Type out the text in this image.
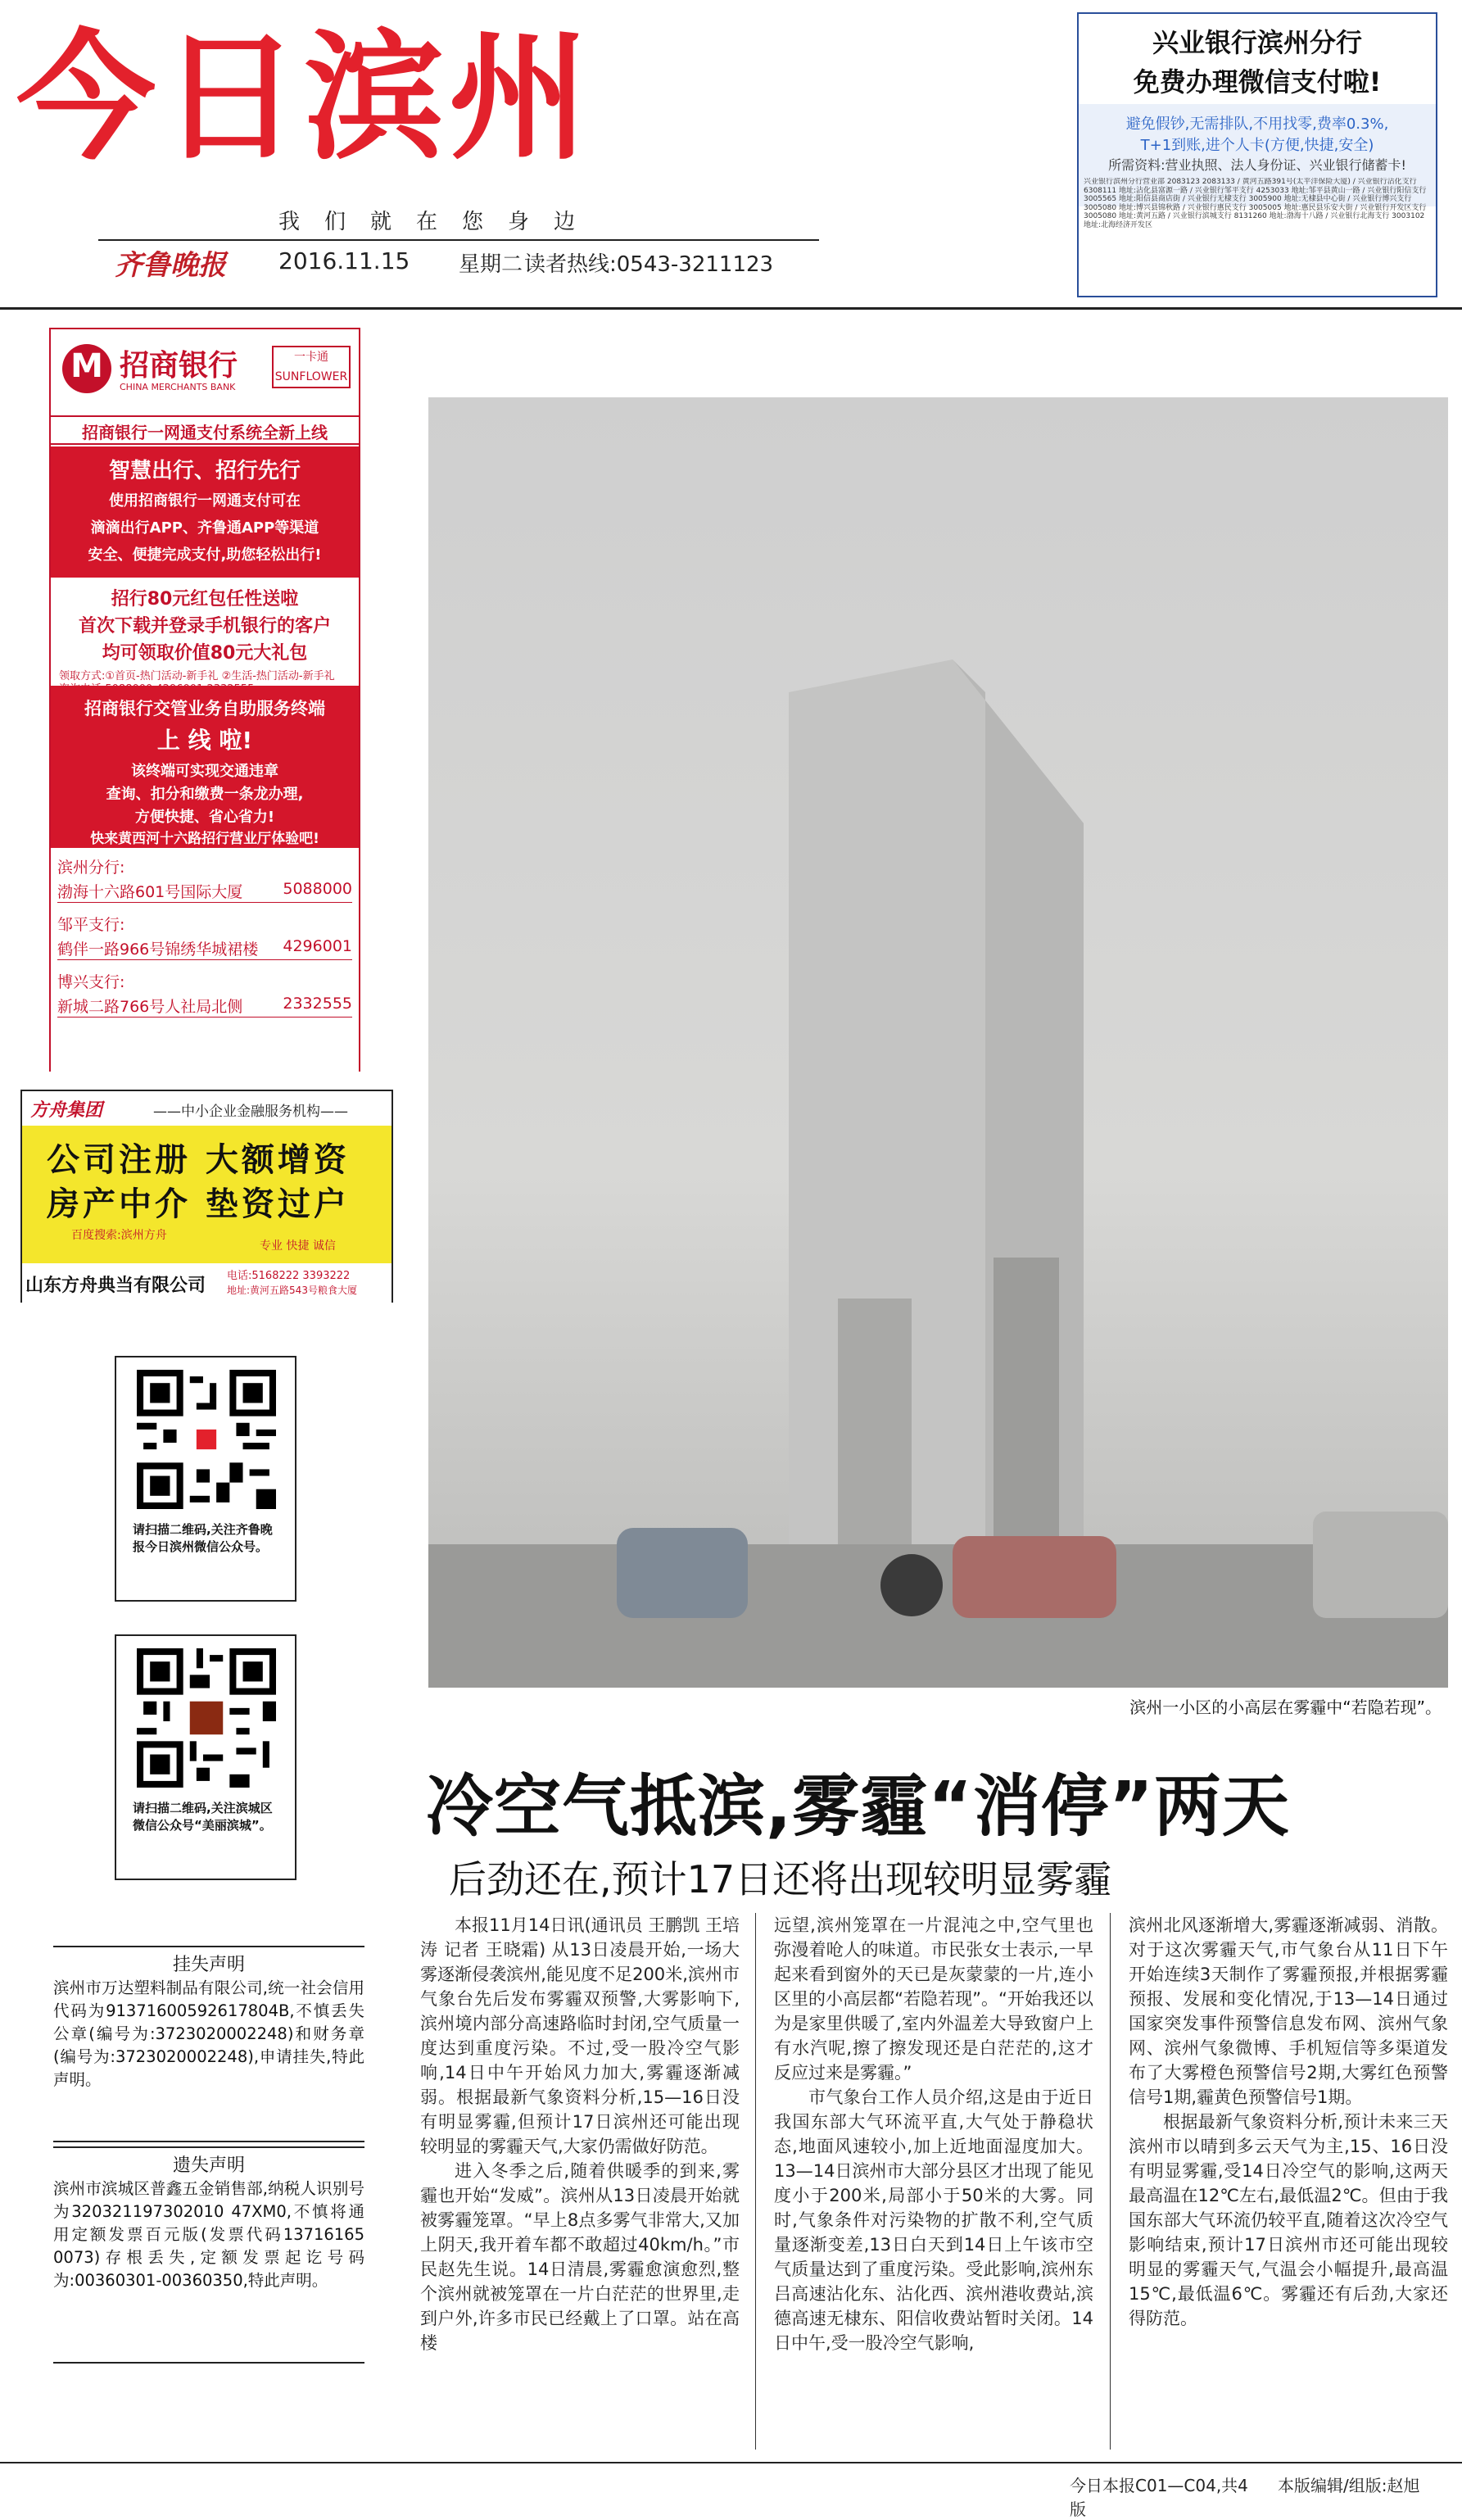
今日滨州
我们就在您身边
齐鲁晚报	2016.11.15	星期二 读者热线:0543-3211123
兴业银行滨州分行
免费办理微信支付啦!
避免假钞,无需排队,不用找零,费率0.3%,
T+1到账,进个人卡(方便,快捷,安全)
所需资料:营业执照、法人身份证、兴业银行储蓄卡!
兴业银行滨州分行营业部 2083123 2083133 / 黄河五路391号(太平洋保险大厦) / 兴业银行沾化支行 6308111 地址:沾化县富源一路 / 兴业银行邹平支行 4253033 地址:邹平县黄山一路 / 兴业银行阳信支行 3005565 地址:阳信县商店街 / 兴业银行无棣支行 3005900 地址:无棣县中心街 / 兴业银行博兴支行 3005080 地址:博兴县锦秋路 / 兴业银行惠民支行 3005005 地址:惠民县乐安大街 / 兴业银行开发区支行 3005080 地址:黄河五路 / 兴业银行滨城支行 8131260 地址:渤海十八路 / 兴业银行北海支行 3003102 地址:北海经济开发区
M 招商银行
CHINA MERCHANTS BANK
一卡通 SUNFLOWER
招商银行一网通支付系统全新上线
智慧出行、招行先行
使用招商银行一网通支付可在
滴滴出行APP、齐鲁通APP等渠道
安全、便捷完成支付,助您轻松出行!
招行80元红包任性送啦
首次下载并登录手机银行的客户
均可领取价值80元大礼包
领取方式:①首页-热门活动-新手礼 ②生活-热门活动-新手礼
招商银行交管业务自助服务终端
上 线 啦!
该终端可实现交通违章
查询、扣分和缴费一条龙办理,
方便快捷、省心省力!
快来黄西河十六路招行营业厅体验吧!
滨州分行:
渤海十六路601号国际大厦	5088000
邹平支行:
鹤伴一路966号锦绣华城裙楼 4296001
博兴支行:
新城二路766号人社局北侧	2332555
方舟集团	——中小企业金融服务机构——
公司注册 大额增资
房产中介 垫资过户
百度搜索:滨州方舟
专业 快捷 诚信
山东方舟典当有限公司	电话:5168222 3393222
地址:黄河五路543号粮食大厦
请扫描二维码,关注齐鲁晚报今日滨州微信公众号。
请扫描二维码,关注滨城区微信公众号“美丽滨城”。
挂失声明
滨州市万达塑料制品有限公司,统一社会信用代码为91371600592617804B,不慎丢失公章(编号为:3723020002248)和财务章(编号为:3723020002248),申请挂失,特此声明。
遗失声明
滨州市滨城区普鑫五金销售部,纳税人识别号为320321197302010 47XM0,不慎将通用定额发票百元版(发票代码13716165 0073)存根丢失,定额发票起讫号码为:00360301-00360350,特此声明。
滨州一小区的小高层在雾霾中“若隐若现”。
冷空气抵滨,雾霾“消停”两天
后劲还在,预计17日还将出现较明显雾霾

本报11月14日讯(通讯员 王鹏凯 王培涛 记者 王晓霜) 从13日凌晨开始,一场大雾逐渐侵袭滨州,能见度不足200米,滨州市气象台先后发布雾霾双预警,大雾影响下,滨州境内部分高速路临时封闭,空气质量一度达到重度污染。不过,受一股冷空气影响,14日中午开始风力加大,雾霾逐渐减弱。根据最新气象资料分析,15—16日没有明显雾霾,但预计17日滨州还可能出现较明显的雾霾天气,大家仍需做好防范。

进入冬季之后,随着供暖季的到来,雾霾也开始“发威”。滨州从13日凌晨开始就被雾霾笼罩。“早上8点多雾气非常大,又加上阴天,我开着车都不敢超过40km/h。”市民赵先生说。14日清晨,雾霾愈演愈烈,整个滨州就被笼罩在一片白茫茫的世界里,走到户外,许多市民已经戴上了口罩。站在高楼

远望,滨州笼罩在一片混沌之中,空气里也弥漫着呛人的味道。市民张女士表示,一早起来看到窗外的天已是灰蒙蒙的一片,连小区里的小高层都“若隐若现”。“开始我还以为是家里供暖了,室内外温差大导致窗户上有水汽呢,擦了擦发现还是白茫茫的,这才反应过来是雾霾。”

市气象台工作人员介绍,这是由于近日我国东部大气环流平直,大气处于静稳状态,地面风速较小,加上近地面湿度加大。13—14日滨州市大部分县区才出现了能见度小于200米,局部小于50米的大雾。同时,气象条件对污染物的扩散不利,空气质量逐渐变差,13日白天到14日上午该市空气质量达到了重度污染。受此影响,滨州东吕高速沾化东、沾化西、滨州港收费站,滨德高速无棣东、阳信收费站暂时关闭。14日中午,受一股冷空气影响,

滨州北风逐渐增大,雾霾逐渐减弱、消散。对于这次雾霾天气,市气象台从11日下午开始连续3天制作了雾霾预报,并根据雾霾预报、发展和变化情况,于13—14日通过国家突发事件预警信息发布网、滨州气象网、滨州气象微博、手机短信等多渠道发布了大雾橙色预警信号2期,大雾红色预警信号1期,霾黄色预警信号1期。

根据最新气象资料分析,预计未来三天滨州市以晴到多云天气为主,15、16日没有明显雾霾,受14日冷空气的影响,这两天最高温在12℃左右,最低温2℃。但由于我国东部大气环流仍较平直,随着这次冷空气影响结束,预计17日滨州市还可能出现较明显的雾霾天气,气温会小幅提升,最高温15℃,最低温6℃。雾霾还有后劲,大家还得防范。

今日本报C01—C04,共4版
本版编辑/组版:赵旭
